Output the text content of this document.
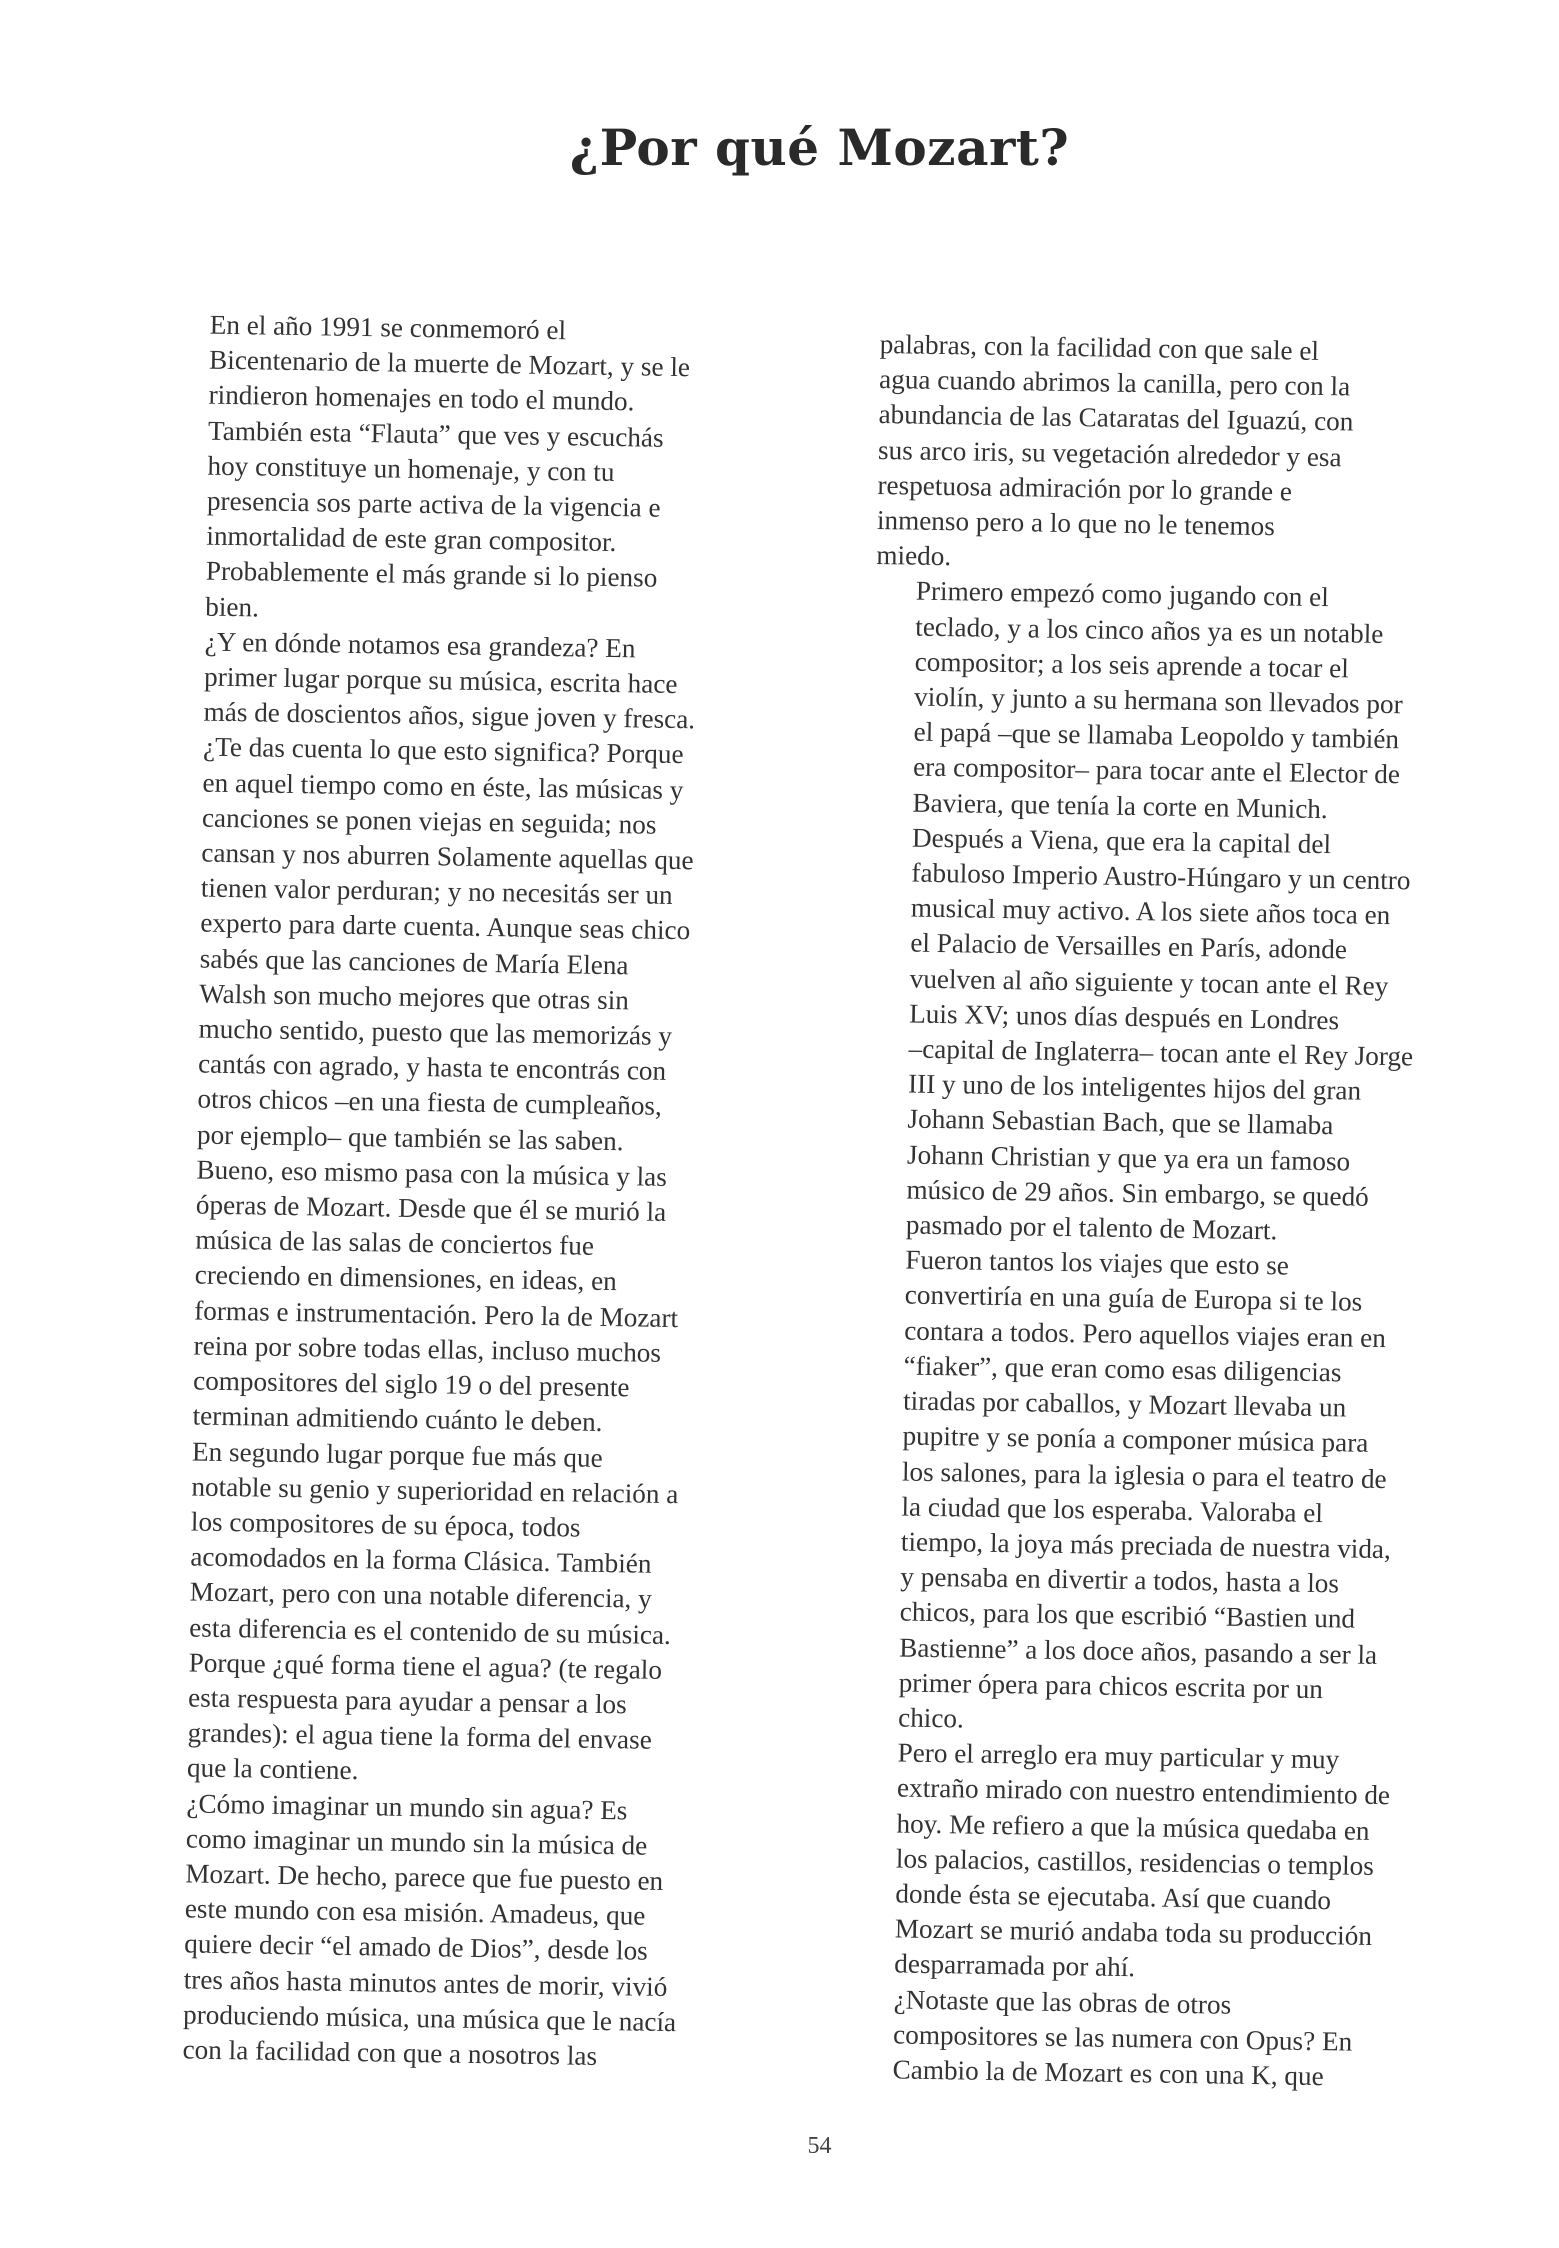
¿Por qué Mozart?

En el año 1991 se conmemoró el
Bicentenario de la muerte de Mozart, y se le
rindieron homenajes en todo el mundo.
También esta “Flauta” que ves y escuchás
hoy constituye un homenaje, y con tu
presencia sos parte activa de la vigencia e
inmortalidad de este gran compositor.
Probablemente el más grande si lo pienso
bien.

¿Y en dónde notamos esa grandeza? En
primer lugar porque su música, escrita hace
más de doscientos años, sigue joven y fresca.
¿Te das cuenta lo que esto significa? Porque
en aquel tiempo como en éste, las músicas y
canciones se ponen viejas en seguida; nos
cansan y nos aburren Solamente aquellas que
tienen valor perduran; y no necesitás ser un
experto para darte cuenta. Aunque seas chico
sabés que las canciones de María Elena
Walsh son mucho mejores que otras sin
mucho sentido, puesto que las memorizás y
cantás con agrado, y hasta te encontrás con
otros chicos –en una fiesta de cumpleaños,
por ejemplo– que también se las saben.
Bueno, eso mismo pasa con la música y las
óperas de Mozart. Desde que él se murió la
música de las salas de conciertos fue
creciendo en dimensiones, en ideas, en
formas e instrumentación. Pero la de Mozart
reina por sobre todas ellas, incluso muchos
compositores del siglo 19 o del presente
terminan admitiendo cuánto le deben.

En segundo lugar porque fue más que
notable su genio y superioridad en relación a
los compositores de su época, todos
acomodados en la forma Clásica. También
Mozart, pero con una notable diferencia, y
esta diferencia es el contenido de su música.
Porque ¿qué forma tiene el agua? (te regalo
esta respuesta para ayudar a pensar a los
grandes): el agua tiene la forma del envase
que la contiene.

¿Cómo imaginar un mundo sin agua? Es
como imaginar un mundo sin la música de
Mozart. De hecho, parece que fue puesto en
este mundo con esa misión. Amadeus, que
quiere decir “el amado de Dios”, desde los
tres años hasta minutos antes de morir, vivió
produciendo música, una música que le nacía
con la facilidad con que a nosotros las

palabras, con la facilidad con que sale el
agua cuando abrimos la canilla, pero con la
abundancia de las Cataratas del Iguazú, con
sus arco iris, su vegetación alrededor y esa
respetuosa admiración por lo grande e
inmenso pero a lo que no le tenemos
miedo.

Primero empezó como jugando con el
teclado, y a los cinco años ya es un notable
compositor; a los seis aprende a tocar el
violín, y junto a su hermana son llevados por
el papá –que se llamaba Leopoldo y también
era compositor– para tocar ante el Elector de
Baviera, que tenía la corte en Munich.
Después a Viena, que era la capital del
fabuloso Imperio Austro-Húngaro y un centro
musical muy activo. A los siete años toca en
el Palacio de Versailles en París, adonde
vuelven al año siguiente y tocan ante el Rey
Luis XV; unos días después en Londres
–capital de Inglaterra– tocan ante el Rey Jorge
III y uno de los inteligentes hijos del gran
Johann Sebastian Bach, que se llamaba
Johann Christian y que ya era un famoso
músico de 29 años. Sin embargo, se quedó
pasmado por el talento de Mozart.

Fueron tantos los viajes que esto se
convertiría en una guía de Europa si te los
contara a todos. Pero aquellos viajes eran en
“fiaker”, que eran como esas diligencias
tiradas por caballos, y Mozart llevaba un
pupitre y se ponía a componer música para
los salones, para la iglesia o para el teatro de
la ciudad que los esperaba. Valoraba el
tiempo, la joya más preciada de nuestra vida,
y pensaba en divertir a todos, hasta a los
chicos, para los que escribió “Bastien und
Bastienne” a los doce años, pasando a ser la
primer ópera para chicos escrita por un
chico.

Pero el arreglo era muy particular y muy
extraño mirado con nuestro entendimiento de
hoy. Me refiero a que la música quedaba en
los palacios, castillos, residencias o templos
donde ésta se ejecutaba. Así que cuando
Mozart se murió andaba toda su producción
desparramada por ahí.

¿Notaste que las obras de otros
compositores se las numera con Opus? En
Cambio la de Mozart es con una K, que

54
